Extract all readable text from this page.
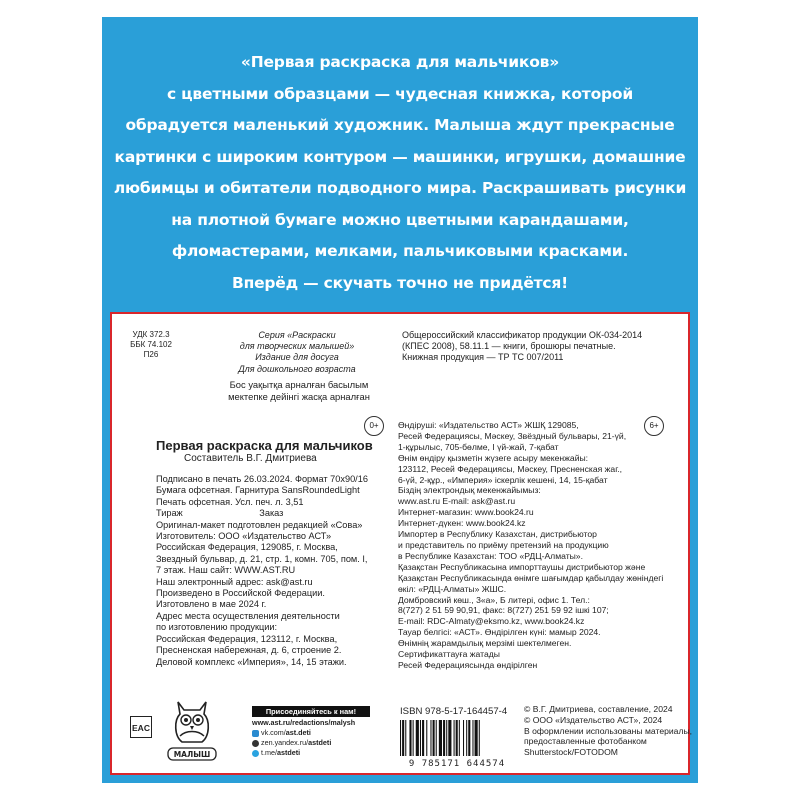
«Первая раскраска для мальчиков»
с цветными образцами — чудесная книжка, которой
обрадуется маленький художник. Малыша ждут прекрасные
картинки с широким контуром — машинки, игрушки, домашние
любимцы и обитатели подводного мира. Раскрашивать рисунки
на плотной бумаге можно цветными карандашами,
фломастерами, мелками, пальчиковыми красками.
Вперёд — скучать точно не придётся!
УДК 372.3
ББК 74.102
П26
Серия «Раскраски
для творческих малышей»
Издание для досуга
Для дошкольного возраста
Бос уақытқа арналған басылым
мектепке дейінгі жасқа арналған
Общероссийский классификатор продукции ОК-034-2014
(КПЕС 2008), 58.11.1 — книги, брошюры печатные.
Книжная продукция — ТР ТС 007/2011
0+	6+
Первая раскраска для мальчиков
Составитель В.Г. Дмитриева
Подписано в печать 26.03.2024. Формат 70x90/16
Бумага офсетная. Гарнитура SansRoundedLight
Печать офсетная. Усл. печ. л. 3,51
Тираж                              Заказ
Оригинал-макет подготовлен редакцией «Сова»
Изготовитель: ООО «Издательство АСТ»
Российская Федерация, 129085, г. Москва,
Звездный бульвар, д. 21, стр. 1, комн. 705, пом. I,
7 этаж. Наш сайт: WWW.AST.RU
Наш электронный адрес: ask@ast.ru
Произведено в Российской Федерации.
Изготовлено в мае 2024 г.
Адрес места осуществления деятельности
по изготовлению продукции:
Российская Федерация, 123112, г. Москва,
Пресненская набережная, д. 6, строение 2.
Деловой комплекс «Империя», 14, 15 этажи.
Өндіруші: «Издательство АСТ» ЖШҚ 129085,
Ресей Федерациясы, Мәскеу, Звёздный бульвары, 21-үй,
1-құрылыс, 705-бөлме, I үй-жай, 7-қабат
Өнім өндіру қызметін жүзеге асыру мекенжайы:
123112, Ресей Федерациясы, Мәскеу, Пресненская жаг.,
6-үй, 2-құр., «Империя» іскерлік кешені, 14, 15-қабат
Біздің электрондық мекенжайымыз:
www.ast.ru E-mail: ask@ast.ru
Интернет-магазин: www.book24.ru
Интернет-дүкен: www.book24.kz
Импортер в Республику Казахстан, дистрибьютор
и представитель по приёму претензий на продукцию
в Республике Казахстан: ТОО «РДЦ-Алматы».
Қазақстан Республикасына импорттаушы дистрибьютор және
Қазақстан Республикасында өнімге шағымдар қабылдау жөніндегі
өкіл: «РДЦ-Алматы» ЖШС.
Домбровский көш., 3«а», Б литері, офис 1. Тел.:
8(727) 2 51 59 90,91, факс: 8(727) 251 59 92 ішкі 107;
E-mail: RDC-Almaty@eksmo.kz, www.book24.kz
Тауар белгісі: «АСТ». Өндірілген күні: мамыр 2024.
Өнімнің жарамдылық мерзімі шектелмеген.
Сертификаттауға жатады
Ресей Федерациясында өндірілген
EAC
МАЛЫШ
Присоединяйтесь к нам!
www.ast.ru/redactions/malysh
vk.com/ast.deti
zen.yandex.ru/astdeti
t.me/astdeti
ISBN 978-5-17-164457-4
9 785171 644574
© В.Г. Дмитриева, составление, 2024
© ООО «Издательство АСТ», 2024
В оформлении использованы материалы,
предоставленные фотобанком
Shutterstock/FOTODOM
